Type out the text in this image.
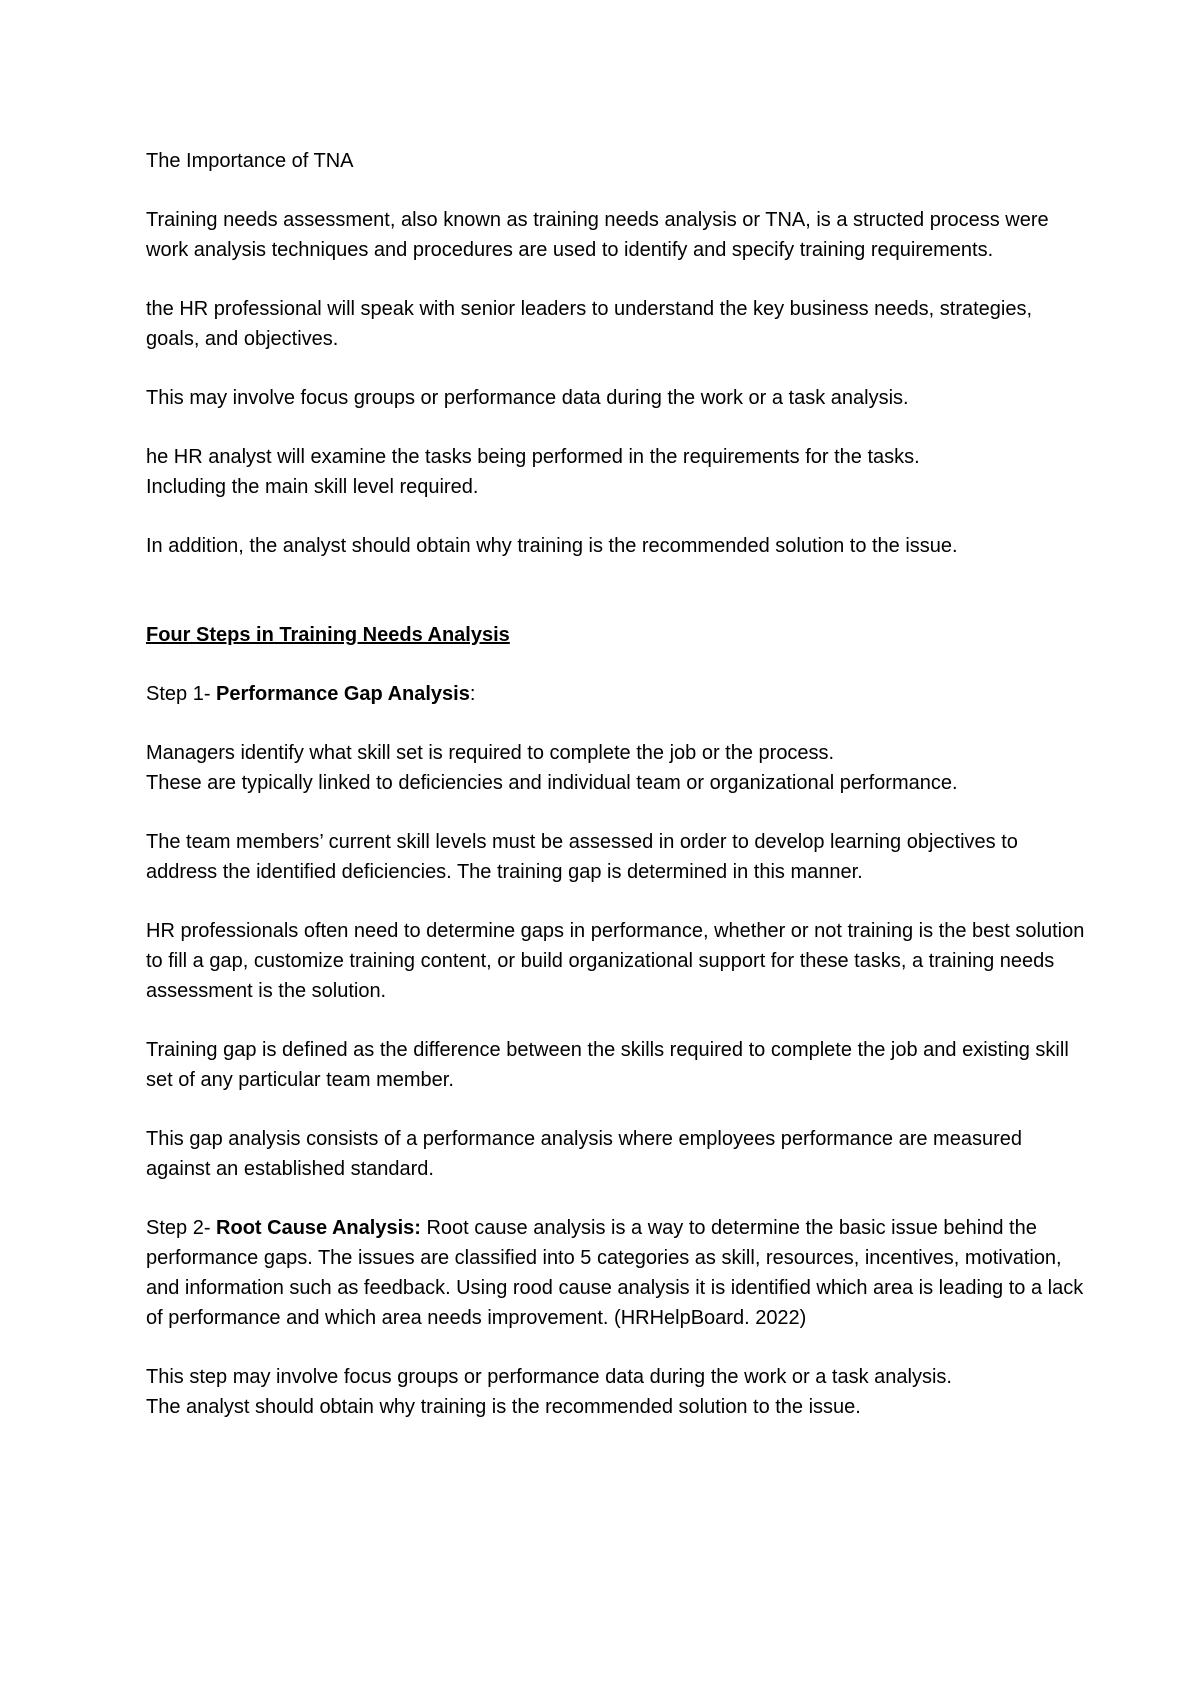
The Importance of TNA

Training needs assessment, also known as training needs analysis or TNA, is a structed process were work analysis techniques and procedures are used to identify and specify training requirements.

the HR professional will speak with senior leaders to understand the key business needs, strategies, goals, and objectives.

This may involve focus groups or performance data during the work or a task analysis.

he HR analyst will examine the tasks being performed in the requirements for the tasks.
Including the main skill level required.

In addition, the analyst should obtain why training is the recommended solution to the issue.

Four Steps in Training Needs Analysis

Step 1- Performance Gap Analysis:

Managers identify what skill set is required to complete the job or the process.
These are typically linked to deficiencies and individual team or organizational performance.

The team members’ current skill levels must be assessed in order to develop learning objectives to address the identified deficiencies. The training gap is determined in this manner.

HR professionals often need to determine gaps in performance, whether or not training is the best solution to fill a gap, customize training content, or build organizational support for these tasks, a training needs assessment is the solution.

Training gap is defined as the difference between the skills required to complete the job and existing skill set of any particular team member.

This gap analysis consists of a performance analysis where employees performance are measured against an established standard.

Step 2- Root Cause Analysis: Root cause analysis is a way to determine the basic issue behind the performance gaps. The issues are classified into 5 categories as skill, resources, incentives, motivation, and information such as feedback. Using rood cause analysis it is identified which area is leading to a lack of performance and which area needs improvement. (HRHelpBoard. 2022)

This step may involve focus groups or performance data during the work or a task analysis.
The analyst should obtain why training is the recommended solution to the issue.
